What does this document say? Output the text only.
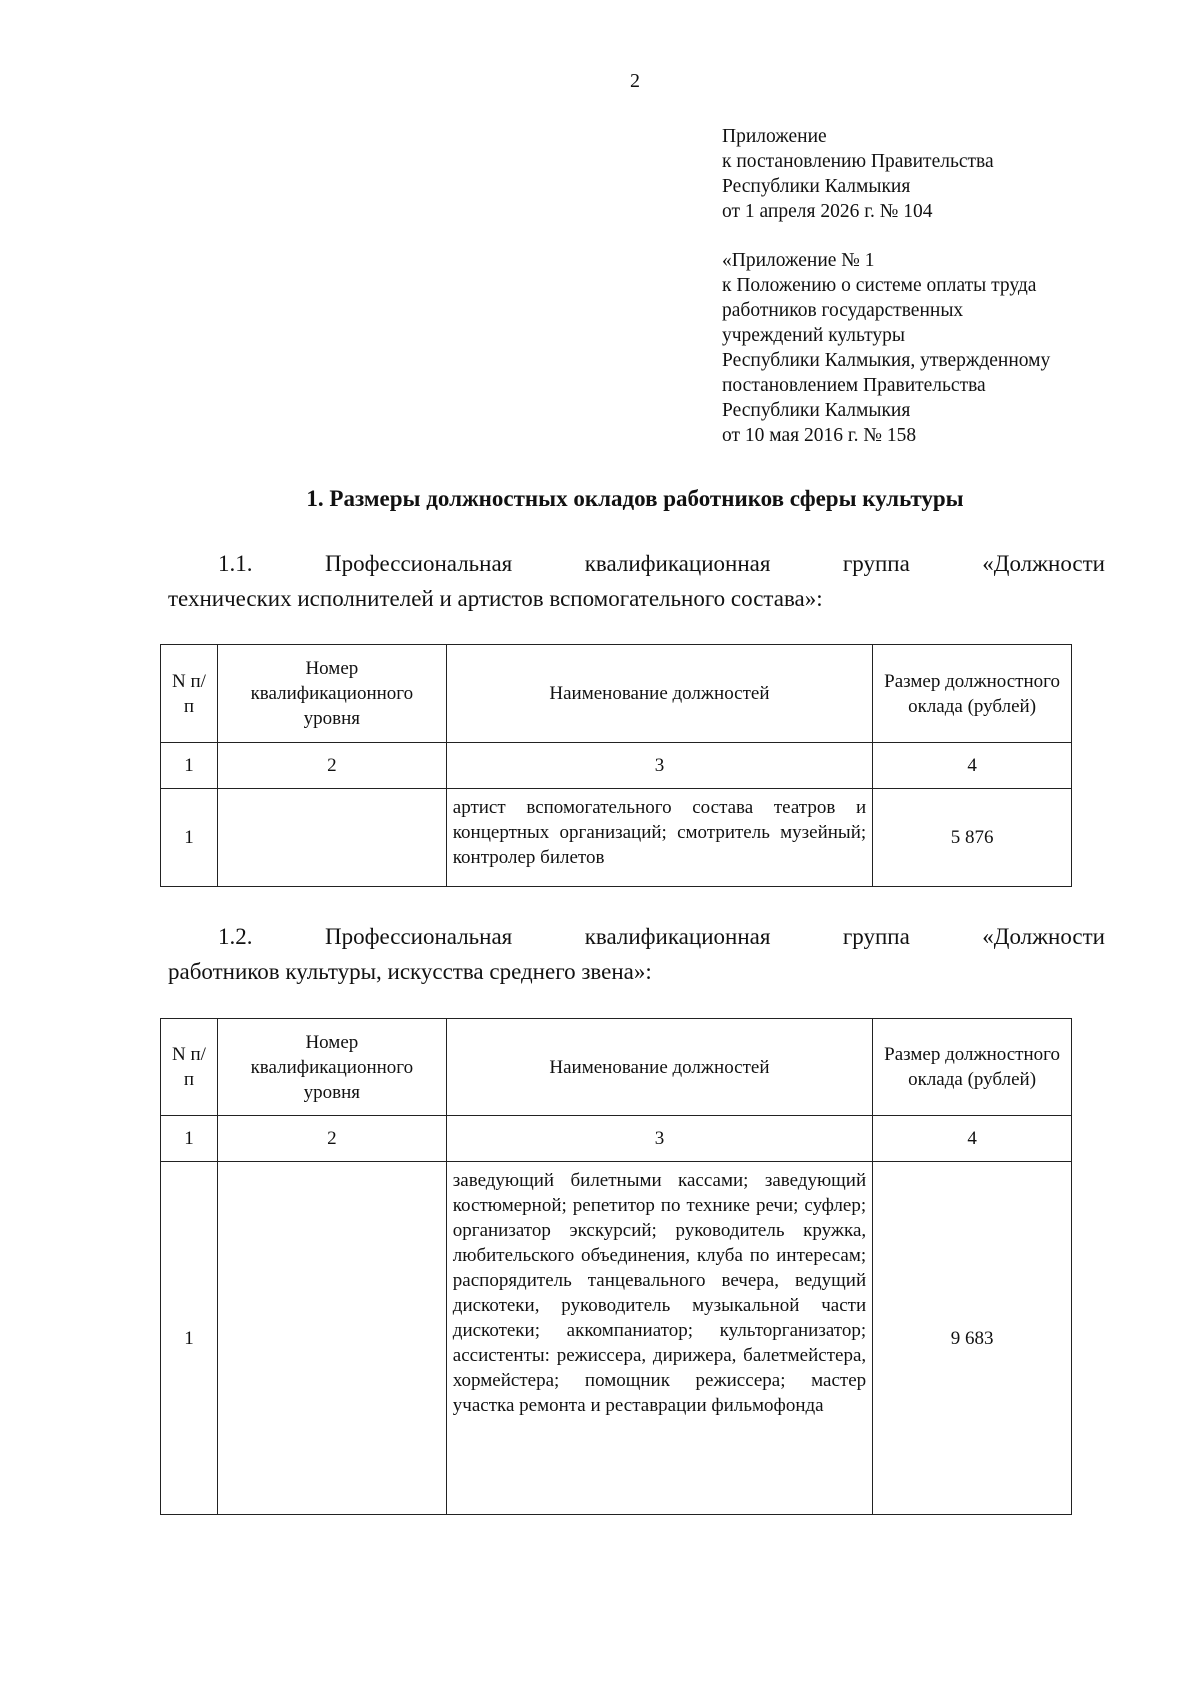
2
Приложение
к постановлению Правительства
Республики Калмыкия
от 1 апреля 2026 г. № 104
«Приложение № 1
к Положению о системе оплаты труда
работников государственных
учреждений культуры
Республики Калмыкия, утвержденному
постановлением Правительства
Республики Калмыкия
от 10 мая 2016 г. № 158
1. Размеры должностных окладов работников сферы культуры
1.1. Профессиональная квалификационная группа «Должности
технических исполнителей и артистов вспомогательного состава»:
N п/п	Номер квалификационного уровня	Наименование должностей	Размер должностного оклада (рублей)
1	2	3	4
1		артист вспомогательного состава театров и концертных организаций; смотритель музейный; контролер билетов	5 876
1.2. Профессиональная квалификационная группа «Должности
работников культуры, искусства среднего звена»:
N п/п	Номер квалификационного уровня	Наименование должностей	Размер должностного оклада (рублей)
1	2	3	4
1		заведующий билетными кассами; заведующий костюмерной; репетитор по технике речи; суфлер; организатор экскурсий; руководитель кружка, любительского объединения, клуба по интересам; распорядитель танцевального вечера, ведущий дискотеки, руководитель музыкальной части дискотеки; аккомпаниатор; культорганизатор; ассистенты: режиссера, дирижера, балетмейстера, хормейстера; помощник режиссера; мастер участка ремонта и реставрации фильмофонда	9 683
